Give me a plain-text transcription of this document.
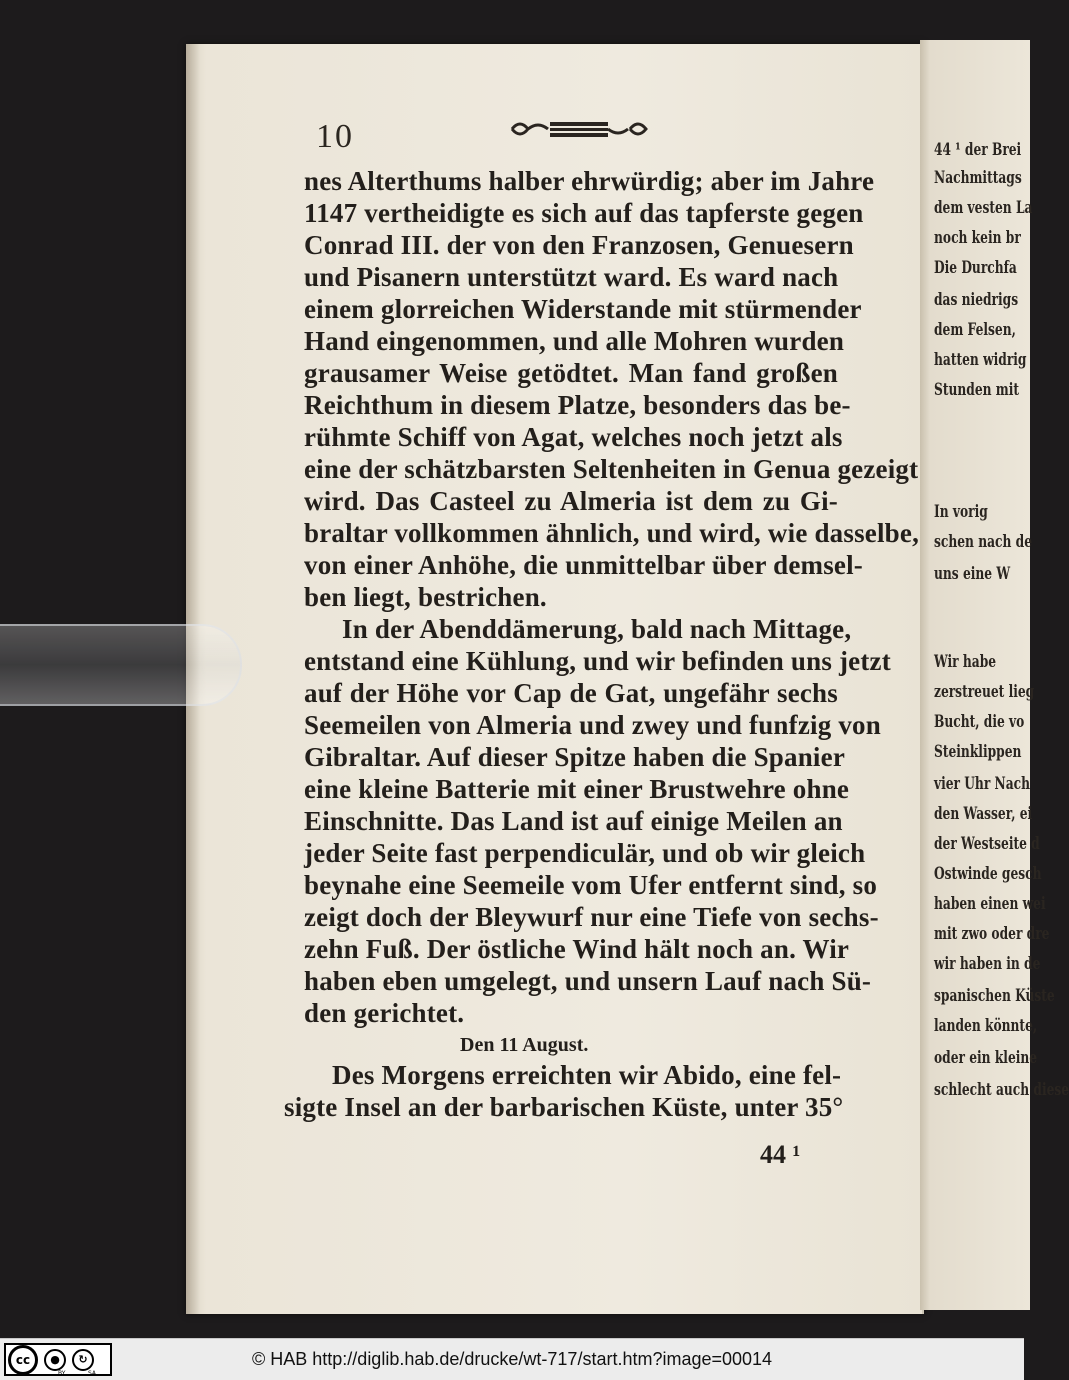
44 ¹ der Brei
Nachmittags
dem vesten La
noch kein br
Die Durchfa
das niedrigs
dem Felsen,
hatten widrig
Stunden mit
In vorig
schen nach de
uns eine W
Wir habe
zerstreuet lieg
Bucht, die vo
Steinklippen
vier Uhr Nach
den Wasser, ei
der Westseite d
Ostwinde gesch
haben einen wei
mit zwo oder dre
wir haben in de
spanischen Küste
landen könnte,
oder ein kleine
schlecht auch diese
10
nes Alterthums halber ehrwürdig; aber im Jahre
1147 vertheidigte es sich auf das tapferste gegen
Conrad III. der von den Franzosen, Genuesern
und Pisanern unterstützt ward. Es ward nach
einem glorreichen Widerstande mit stürmender
Hand eingenommen, und alle Mohren wurden
grausamer Weise getödtet. Man fand großen
Reichthum in diesem Platze, besonders das be-
rühmte Schiff von Agat, welches noch jetzt als
eine der schätzbarsten Seltenheiten in Genua gezeigt
wird. Das Casteel zu Almeria ist dem zu Gi-
braltar vollkommen ähnlich, und wird, wie dasselbe,
von einer Anhöhe, die unmittelbar über demsel-
ben liegt, bestrichen.
In der Abenddämerung, bald nach Mittage,
entstand eine Kühlung, und wir befinden uns jetzt
auf der Höhe vor Cap de Gat, ungefähr sechs
Seemeilen von Almeria und zwey und funfzig von
Gibraltar. Auf dieser Spitze haben die Spanier
eine kleine Batterie mit einer Brustwehre ohne
Einschnitte. Das Land ist auf einige Meilen an
jeder Seite fast perpendiculär, und ob wir gleich
beynahe eine Seemeile vom Ufer entfernt sind, so
zeigt doch der Bleywurf nur eine Tiefe von sechs-
zehn Fuß. Der östliche Wind hält noch an. Wir
haben eben umgelegt, und unsern Lauf nach Sü-
den gerichtet.
Den 11 August.
Des Morgens erreichten wir Abido, eine fel-
sigte Insel an der barbarischen Küste, unter 35°
44 ¹
cc	●	↻
BY	SA
© HAB http://diglib.hab.de/drucke/wt-717/start.htm?image=00014
